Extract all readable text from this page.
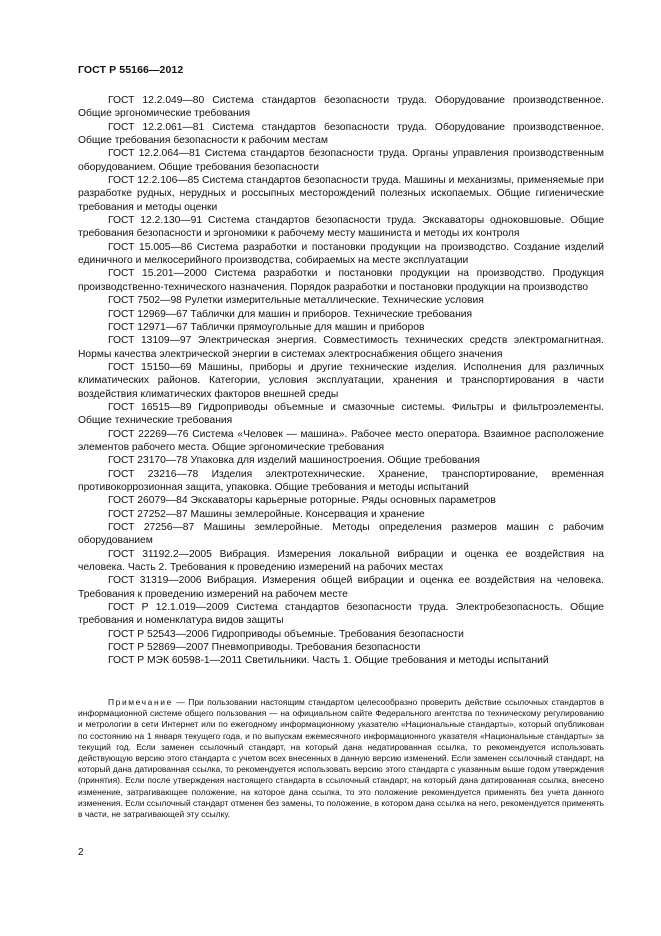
ГОСТ Р 55166—2012

ГОСТ 12.2.049—80 Система стандартов безопасности труда. Оборудование производственное. Общие эргономические требования

ГОСТ 12.2.061—81 Система стандартов безопасности труда. Оборудование производственное. Общие требования безопасности к рабочим местам

ГОСТ 12.2.064—81 Система стандартов безопасности труда. Органы управления производственным оборудованием. Общие требования безопасности

ГОСТ 12.2.106—85 Система стандартов безопасности труда. Машины и механизмы, применяемые при разработке рудных, нерудных и россыпных месторождений полезных ископаемых. Общие гигиенические требования и методы оценки

ГОСТ 12.2.130—91 Система стандартов безопасности труда. Экскаваторы одноковшовые. Общие требования безопасности и эргономики к рабочему месту машиниста и методы их контроля

ГОСТ 15.005—86 Система разработки и постановки продукции на производство. Создание изделий единичного и мелкосерийного производства, собираемых на месте эксплуатации

ГОСТ 15.201—2000 Система разработки и постановки продукции на производство. Продукция производственно-технического назначения. Порядок разработки и постановки продукции на производство

ГОСТ 7502—98 Рулетки измерительные металлические. Технические условия

ГОСТ 12969—67 Таблички для машин и приборов. Технические требования

ГОСТ 12971—67 Таблички прямоугольные для машин и приборов

ГОСТ 13109—97 Электрическая энергия. Совместимость технических средств электромагнитная. Нормы качества электрической энергии в системах электроснабжения общего значения

ГОСТ 15150—69 Машины, приборы и другие технические изделия. Исполнения для различных климатических районов. Категории, условия эксплуатации, хранения и транспортирования в части воздействия климатических факторов внешней среды

ГОСТ 16515—89 Гидроприводы объемные и смазочные системы. Фильтры и фильтроэлементы. Общие технические требования

ГОСТ 22269—76 Система «Человек — машина». Рабочее место оператора. Взаимное расположение элементов рабочего места. Общие эргономические требования

ГОСТ 23170—78 Упаковка для изделий машиностроения. Общие требования

ГОСТ 23216—78 Изделия электротехнические. Хранение, транспортирование, временная противокоррозионная защита, упаковка. Общие требования и методы испытаний

ГОСТ 26079—84 Экскаваторы карьерные роторные. Ряды основных параметров

ГОСТ 27252—87 Машины землеройные. Консервация и хранение

ГОСТ 27256—87 Машины землеройные. Методы определения размеров машин с рабочим оборудованием

ГОСТ 31192.2—2005 Вибрация. Измерения локальной вибрации и оценка ее воздействия на человека. Часть 2. Требования к проведению измерений на рабочих местах

ГОСТ 31319—2006 Вибрация. Измерения общей вибрации и оценка ее воздействия на человека. Требования к проведению измерений на рабочем месте

ГОСТ Р 12.1.019—2009 Система стандартов безопасности труда. Электробезопасность. Общие требования и номенклатура видов защиты

ГОСТ Р 52543—2006 Гидроприводы объемные. Требования безопасности

ГОСТ Р 52869—2007 Пневмоприводы. Требования безопасности

ГОСТ Р МЭК 60598-1—2011 Светильники. Часть 1. Общие требования и методы испытаний

Примечание — При пользовании настоящим стандартом целесообразно проверить действие ссылочных стандартов в информационной системе общего пользования — на официальном сайте Федерального агентства по техническому регулированию и метрологии в сети Интернет или по ежегодному информационному указателю «Национальные стандарты», который опубликован по состоянию на 1 января текущего года, и по выпускам ежемесячного информационного указателя «Национальные стандарты» за текущий год. Если заменен ссылочный стандарт, на который дана недатированная ссылка, то рекомендуется использовать действующую версию этого стандарта с учетом всех внесенных в данную версию изменений. Если заменен ссылочный стандарт, на который дана датированная ссылка, то рекомендуется использовать версию этого стандарта с указанным выше годом утверждения (принятия). Если после утверждения настоящего стандарта в ссылочный стандарт, на который дана датированная ссылка, внесено изменение, затрагивающее положение, на которое дана ссылка, то это положение рекомендуется применять без учета данного изменения. Если ссылочный стандарт отменен без замены, то положение, в котором дана ссылка на него, рекомендуется применять в части, не затрагивающей эту ссылку.

2
